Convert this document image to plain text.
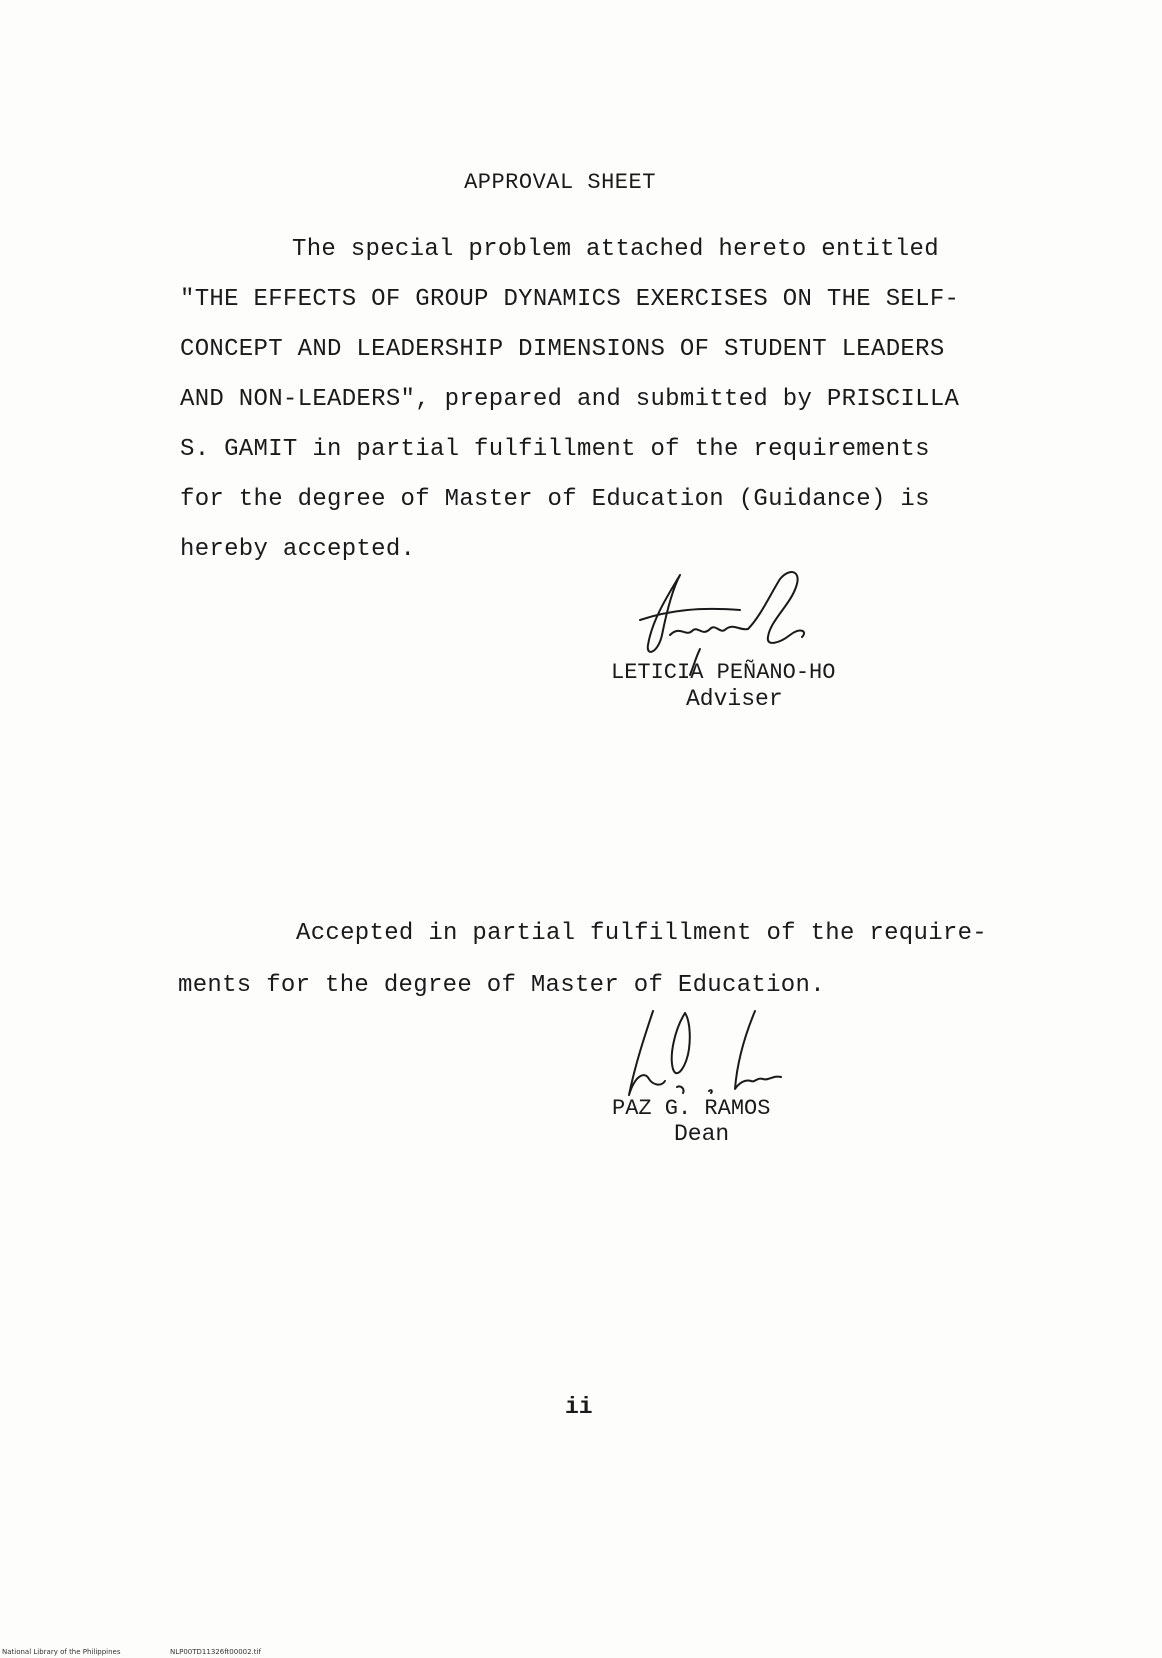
APPROVAL SHEET
The special problem attached hereto entitled
"THE EFFECTS OF GROUP DYNAMICS EXERCISES ON THE SELF-
CONCEPT AND LEADERSHIP DIMENSIONS OF STUDENT LEADERS
AND NON-LEADERS", prepared and submitted by PRISCILLA
S. GAMIT in partial fulfillment of the requirements
for the degree of Master of Education (Guidance) is
hereby accepted.
LETICIA PEÑANO-HO
Adviser
Accepted in partial fulfillment of the require-
ments for the degree of Master of Education.
PAZ G. RAMOS
Dean
ii
National Library of the Philippines	NLP00TD11326ft00002.tif
